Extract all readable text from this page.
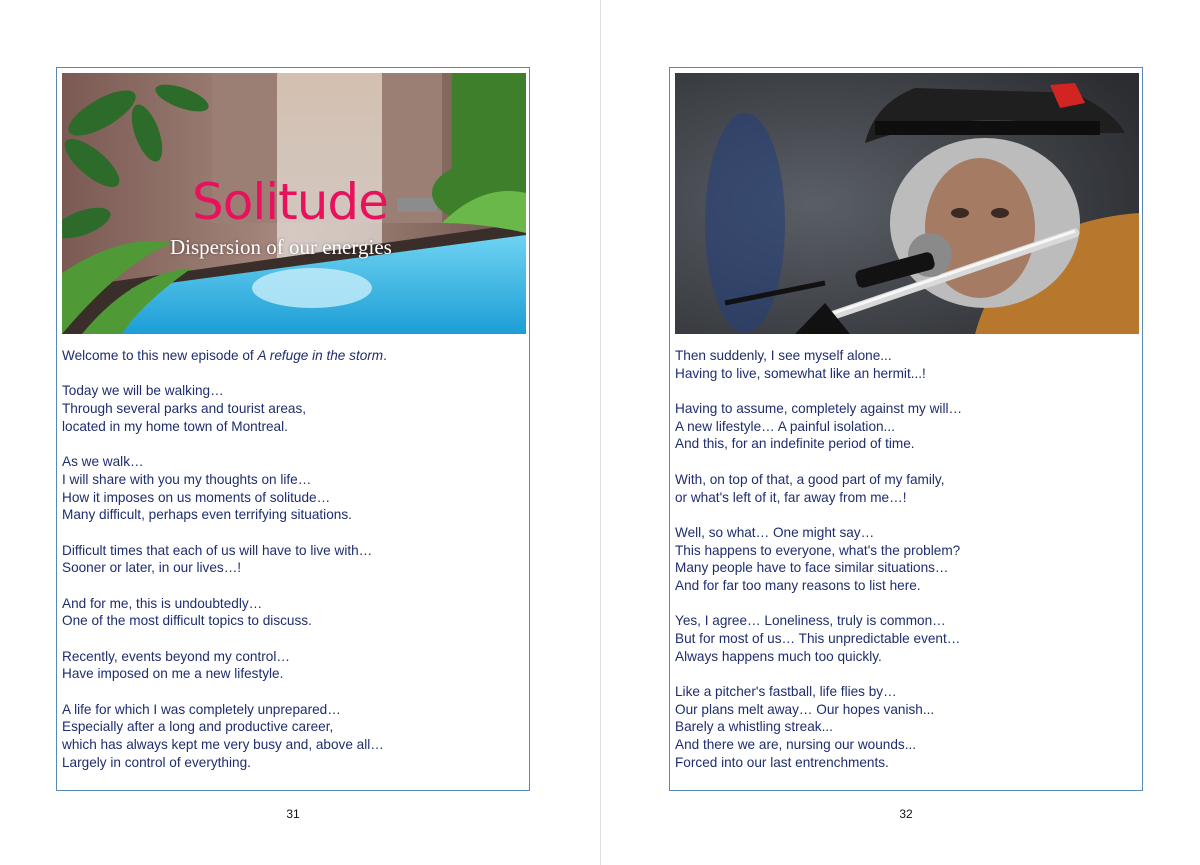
Solitude
Dispersion of our energies
Welcome to this new episode of A refuge in the storm.
Today we will be walking…
Through several parks and tourist areas,
located in my home town of Montreal.
As we walk…
I will share with you my thoughts on life…
How it imposes on us moments of solitude…
Many difficult, perhaps even terrifying situations.
Difficult times that each of us will have to live with…
Sooner or later, in our lives…!
And for me, this is undoubtedly…
One of the most difficult topics to discuss.
Recently, events beyond my control…
Have imposed on me a new lifestyle.
A life for which I was completely unprepared…
Especially after a long and productive career,
which has always kept me very busy and, above all…
Largely in control of everything.
31
Then suddenly, I see myself alone...
Having to live, somewhat like an hermit...!
Having to assume, completely against my will…
A new lifestyle… A painful isolation...
And this, for an indefinite period of time.
With, on top of that, a good part of my family,
or what's left of it, far away from me…!
Well, so what… One might say…
This happens to everyone, what's the problem?
Many people have to face similar situations…
And for far too many reasons to list here.
Yes, I agree… Loneliness, truly is common…
But for most of us… This unpredictable event…
Always happens much too quickly.
Like a pitcher's fastball, life flies by…
Our plans melt away… Our hopes vanish...
Barely a whistling streak...
And there we are, nursing our wounds...
Forced into our last entrenchments.
32
